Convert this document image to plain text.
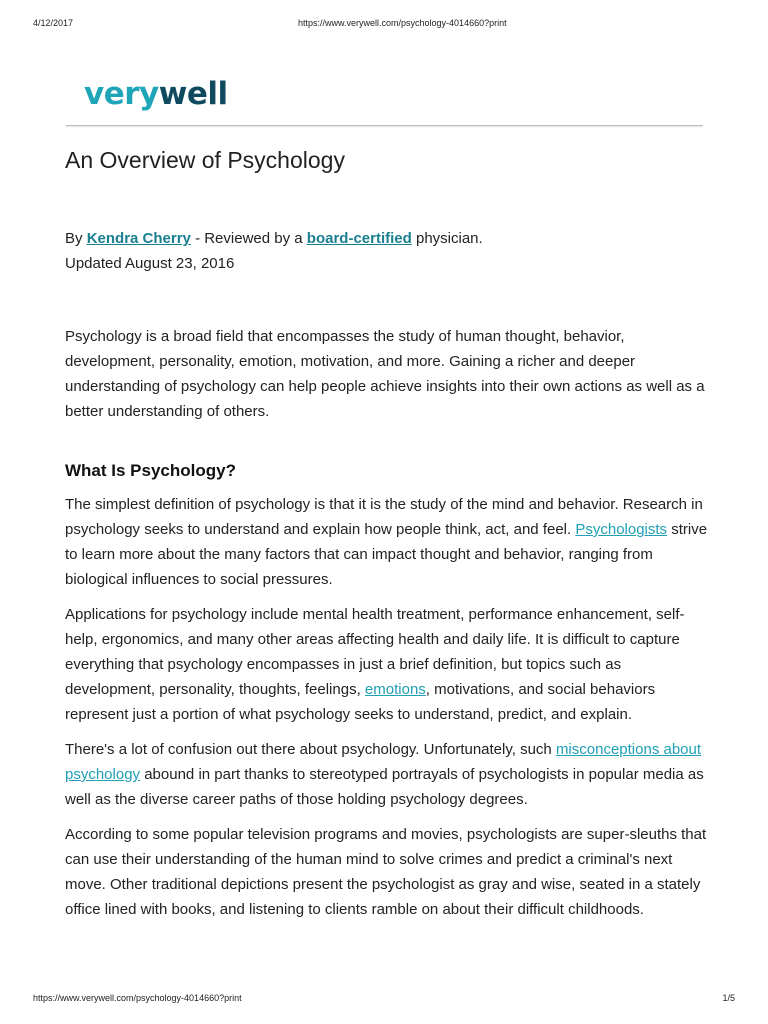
4/12/2017	https://www.verywell.com/psychology-4014660?print
verywell
An Overview of Psychology
By Kendra Cherry - Reviewed by a board-certified physician.
Updated August 23, 2016

Psychology is a broad field that encompasses the study of human thought, behavior, development, personality, emotion, motivation, and more. Gaining a richer and deeper understanding of psychology can help people achieve insights into their own actions as well as a better understanding of others.

What Is Psychology?

The simplest definition of psychology is that it is the study of the mind and behavior. Research in psychology seeks to understand and explain how people think, act, and feel. Psychologists strive to learn more about the many factors that can impact thought and behavior, ranging from biological influences to social pressures.

Applications for psychology include mental health treatment, performance enhancement, self-help, ergonomics, and many other areas affecting health and daily life. It is difficult to capture everything that psychology encompasses in just a brief definition, but topics such as development, personality, thoughts, feelings, emotions, motivations, and social behaviors represent just a portion of what psychology seeks to understand, predict, and explain.

There's a lot of confusion out there about psychology. Unfortunately, such misconceptions about psychology abound in part thanks to stereotyped portrayals of psychologists in popular media as well as the diverse career paths of those holding psychology degrees.

According to some popular television programs and movies, psychologists are super-sleuths that can use their understanding of the human mind to solve crimes and predict a criminal's next move. Other traditional depictions present the psychologist as gray and wise, seated in a stately office lined with books, and listening to clients ramble on about their difficult childhoods.

https://www.verywell.com/psychology-4014660?print	1/5
